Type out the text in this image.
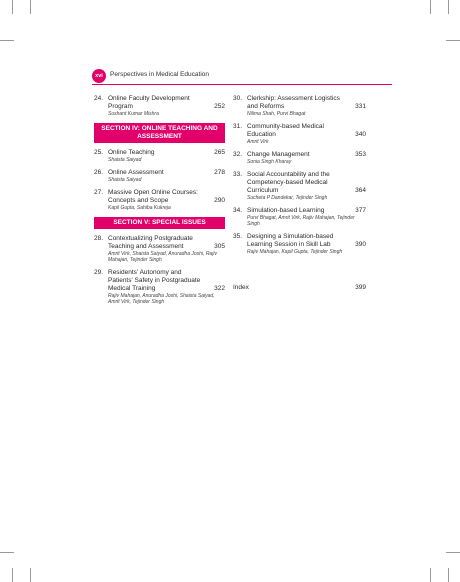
xvi	Perspectives in Medical Education
24. Online Faculty Development Program	252
Sushant Kumar Mishra
SECTION IV: ONLINE TEACHING AND ASSESSMENT
25. Online Teaching	265
Shaista Saiyad
26. Online Assessment	278
Shaista Saiyad
27. Massive Open Online Courses: Concepts and Scope	290
Kapil Gupta, Sahiba Kukreja
SECTION V: SPECIAL ISSUES
28. Contextualizing Postgraduate Teaching and Assessment	305
Amrit Virk, Shaista Saiyad, Anuradha Joshi, Rajiv Mahajan, Tejinder Singh
29. Residents' Autonomy and Patients' Safety in Postgraduate Medical Training	322
Rajiv Mahajan, Anuradha Joshi, Shaista Saiyad, Amrit Virk, Tejinder Singh
30. Clerkship: Assessment Logistics and Reforms	331
Nilima Shah, Purvi Bhagat
31. Community-based Medical Education	340
Amrit Virk
32. Change Management	353
Sonia Singh Kharay
33. Social Accountability and the Competency-based Medical Curriculum	364
Sucheta P Dandekar, Tejinder Singh
34. Simulation-based Learning	377
Purvi Bhagat, Amrit Virk, Rajiv Mahajan, Tejinder Singh
35. Designing a Simulation-based Learning Session in Skill Lab	390
Rajiv Mahajan, Kapil Gupta, Tejinder Singh
Index	399
